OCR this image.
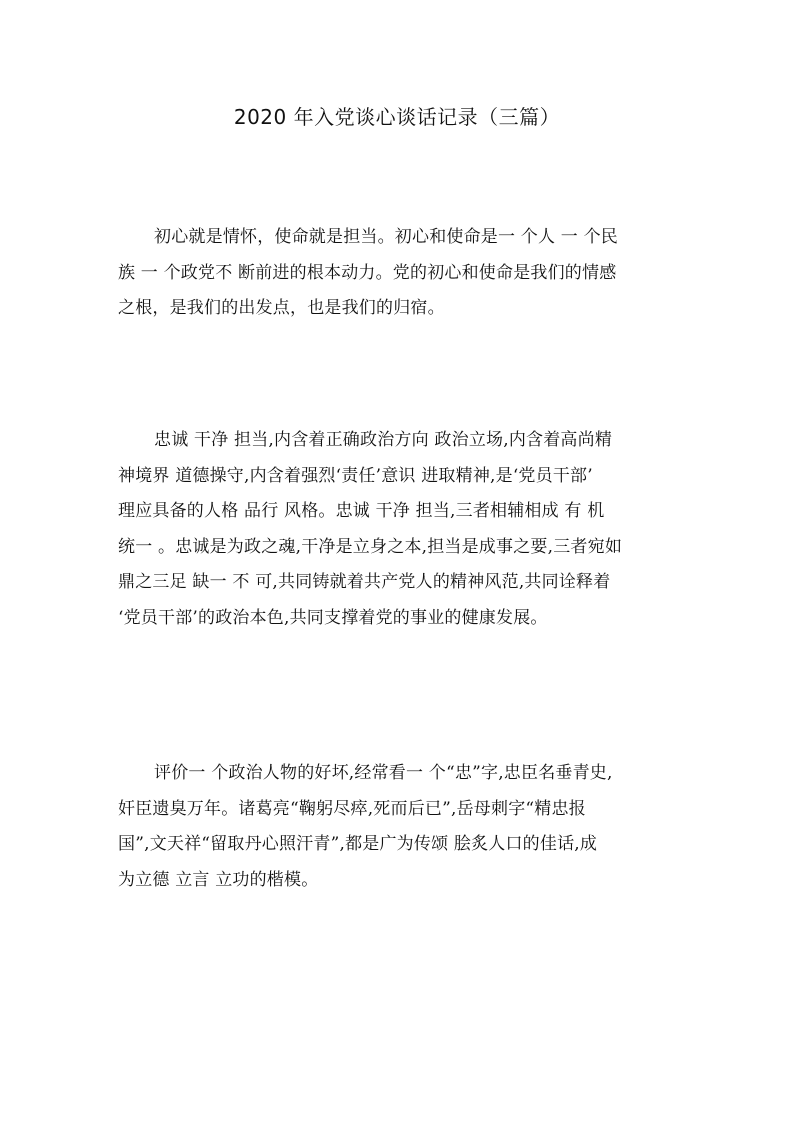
2020 年入党谈心谈话记录（三篇）
初心就是情怀，使命就是担当。初心和使命是一 个人 一 个民
族 一 个政党不 断前进的根本动力。党的初心和使命是我们的情感
之根，是我们的出发点，也是我们的归宿。
忠诚 干净 担当,内含着正确政治方向 政治立场,内含着高尚精
神境界 道德操守,内含着强烈‘责任’意识 进取精神,是‘党员干部’
理应具备的人格 品行 风格。忠诚 干净 担当,三者相辅相成 有 机
统一 。忠诚是为政之魂,干净是立身之本,担当是成事之要,三者宛如
鼎之三足 缺一 不 可,共同铸就着共产党人的精神风范,共同诠释着
‘党员干部’的政治本色,共同支撑着党的事业的健康发展。
评价一 个政治人物的好坏,经常看一 个“忠”字,忠臣名垂青史,
奸臣遗臭万年。诸葛亮“鞠躬尽瘁,死而后已”,岳母刺字“精忠报
国”,文天祥“留取丹心照汗青”,都是广为传颂 脍炙人口的佳话,成
为立德 立言 立功的楷模。
